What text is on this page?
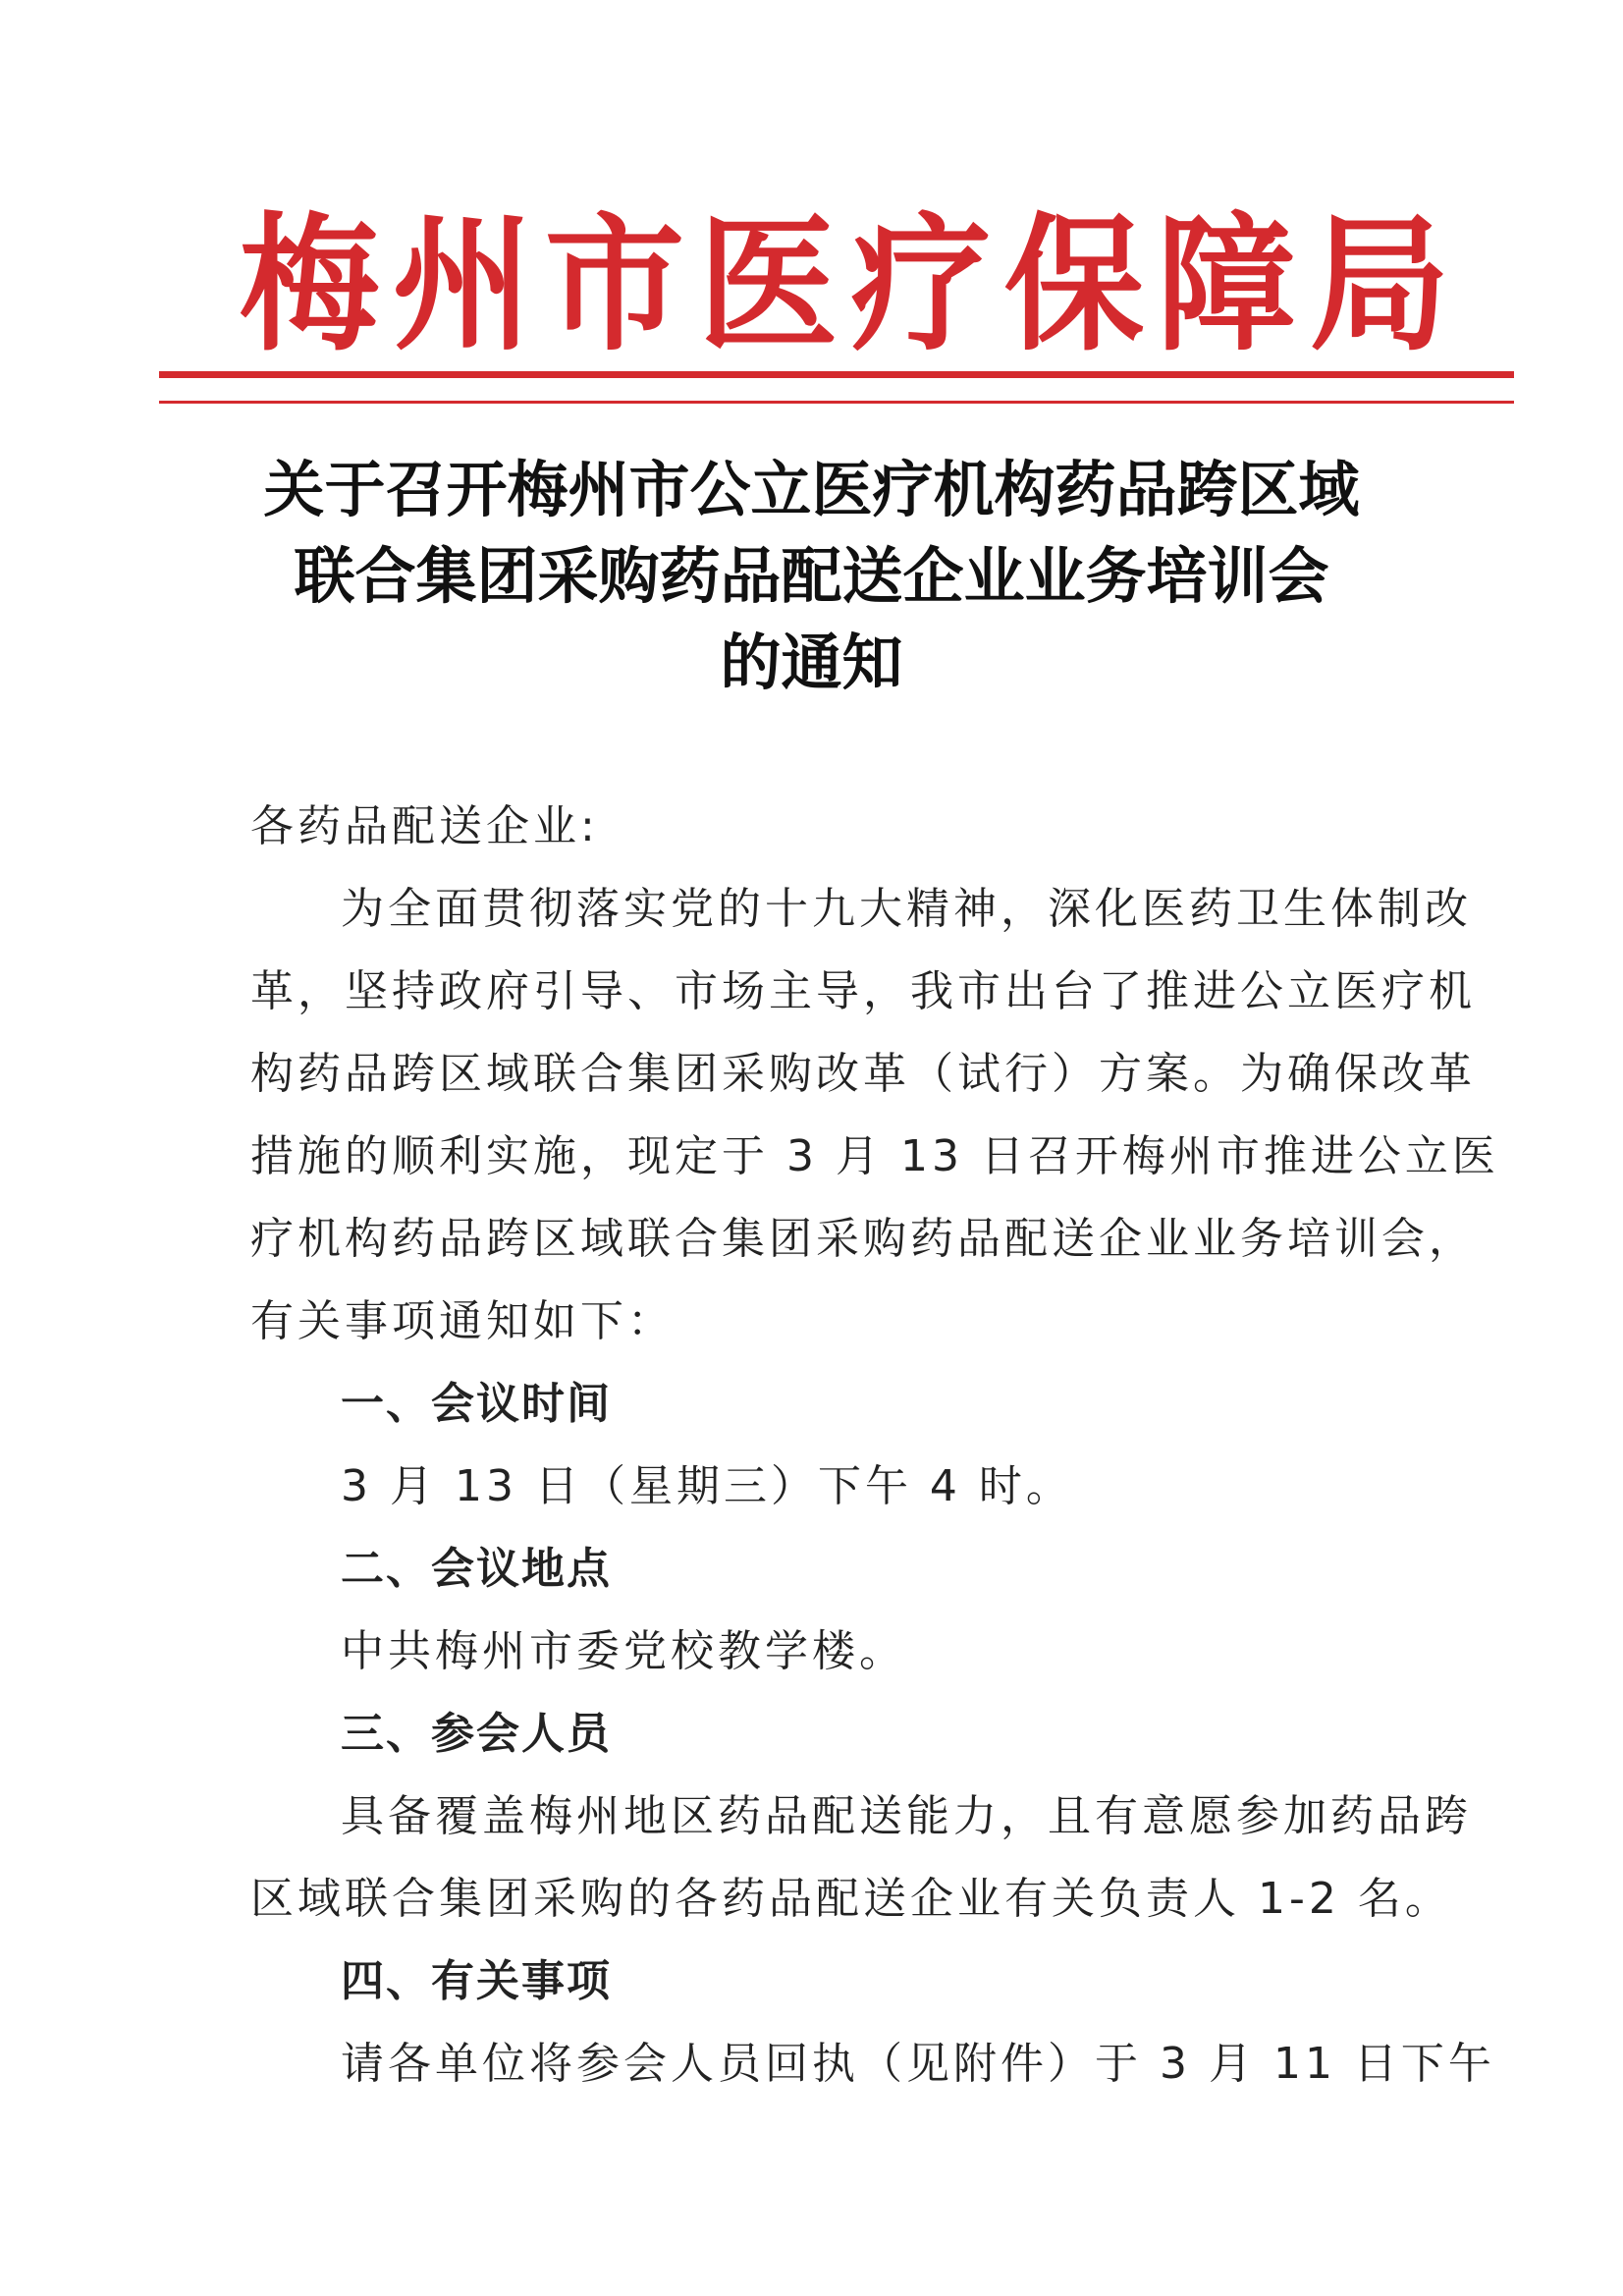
梅 州 市 医 疗 保 障 局
关于召开梅州市公立医疗机构药品跨区域
联合集团采购药品配送企业业务培训会
的通知
各药品配送企业:
为全面贯彻落实党的十九大精神，深化医药卫生体制改
革，坚持政府引导、市场主导，我市出台了推进公立医疗机
构药品跨区域联合集团采购改革（试行）方案。为确保改革
措施的顺利实施，现定于 3 月 13 日召开梅州市推进公立医
疗机构药品跨区域联合集团采购药品配送企业业务培训会，
有关事项通知如下：
一、会议时间
3 月 13 日（星期三）下午 4 时。
二、会议地点
中共梅州市委党校教学楼。
三、参会人员
具备覆盖梅州地区药品配送能力，且有意愿参加药品跨
区域联合集团采购的各药品配送企业有关负责人 1-2 名。
四、有关事项
请各单位将参会人员回执（见附件）于 3 月 11 日下午
